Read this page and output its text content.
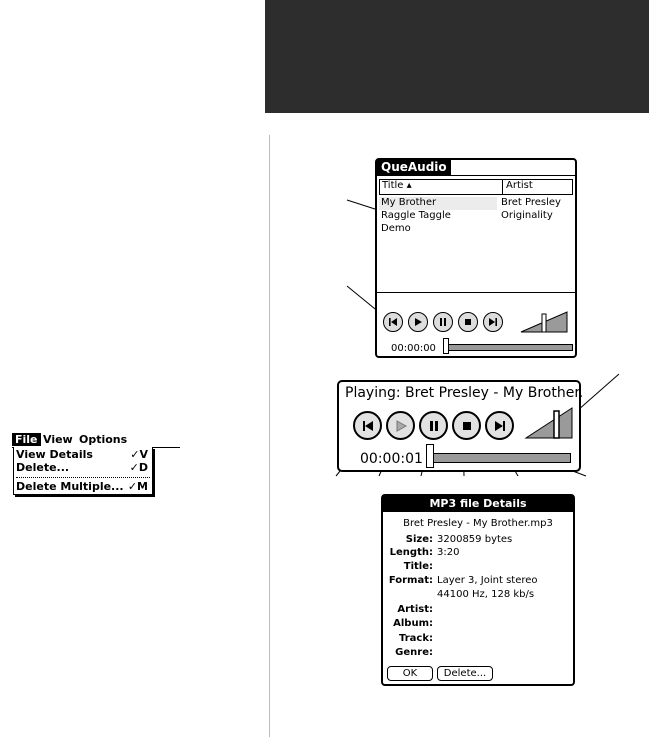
File View Options
View Details	✓V
Delete...	✓D
Delete Multiple... ✓M
QueAudio
Title ▴	Artist
My Brother	Bret Presley
Raggle Taggle	Originality
Demo
00:00:00
Playing: Bret Presley - My Brother.
00:00:01
MP3 file Details
Bret Presley - My Brother.mp3
Size: 3200859 bytes
Length: 3:20
Title:
Format: Layer 3, Joint stereo
44100 Hz, 128 kb/s
Artist:
Album:
Track:
Genre:
OK	Delete...
